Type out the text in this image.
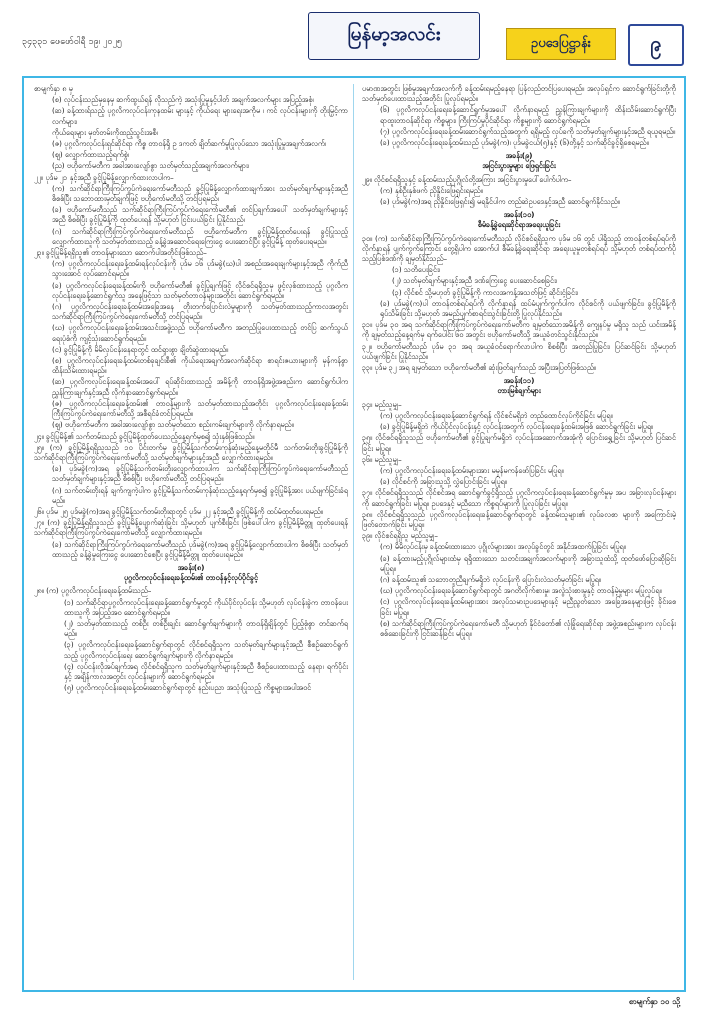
၃၄၃၃၁ ဖေဖော်ဝါရီ ၁၉၊ ၂၀၂၅	မြန်မာ့အလင်း	ဥပဒေပြဋ္ဌာန်း	၉
စာမျက်နှာ ၈ မှ
(စ) လုပ်ငန်းသည်မှနေမှ ဆက်ထွယ်ရန် လိုသည်ကဲ့ အသုံးပြုမှုနှင့်ပါတ် အချက်အလက်များ အပြည့်အစုံ၊
(ဆ) ခန့်ထားရ်သည့် ပုဂ္ဂလိကလုပ်ငန်းကုနထမ်း များနှင့် ကိုယ်ရေး များရေးအကိုမ ၊ ကင် လုပ်ငန်းများကို တိုးမြှင့်ကာလက်များ၊
ကိုယ်ရေးများ မှတ်တမ်းကိုထည့်သွင်းအစီ၊
(ဇ) ပုဂ္ဂလိကလုပ်ငန်းရှင်ဆိုင်ရာ ကိစ္စ တာဝန်ရှိ ဥ ဒကတ် ချိတ်ဆက်မှုပြုလုပ်သော အသုံးပြုမှုအချက်အလက်၊
(ဈ) လျှောက်ထားသည့်ရက်စွဲ၊
(ည) ဗဟိုကော်မတီက အခါအားလျော်စွာ သတ်မှတ်သည့်အချက်အလက်များ၊
၂၂။ ပုဒ်မ ၂၁ နှင့်အညီ ခွင့်ပြုမိန့်လျှောက်ထားလာပါက–
(က) သက်ဆိုင်ရာကြီးကြပ်ကွပ်ကဲရေးကော်မတီသည် ခွင့်ပြုမိန့်လျှောက်ထားချက်အား သတ်မှတ်ချက်များနှင့်အညီ စိစစ်ပြီး သဘောထားမှတ်ချက်ဖြင့် ဗဟိုကော်မတီသို့ တင်ပြရမည်၊
(ခ) ဗဟိုကော်မတီသည် သက်ဆိုင်ရာကြီးကြပ်ကွပ်ကဲရေးကော်မတီ၏ တင်ပြချက်အပေါ် သတ်မှတ်ချက်များနှင့်အညီ စိစစ်ပြီး ခွင့်ပြုမိန့်ကို ထုတ်ပေးရန် သို့မဟုတ် ငြင်းပယ်ခြင်း ပြုနိုင်သည်၊
(ဂ) သက်ဆိုင်ရာကြီးကြပ်ကွပ်ကဲရေးကော်မတီသည် ဗဟိုကော်မတီက ခွင့်ပြုမိန့်ထုတ်ပေးရန် ခွင့်ပြုသည့် လျှောက်ထားသူကို သတ်မှတ်ထားသည့် ခန့်ခွဲအဆောင်ရေးကြေးငွေ ပေးဆောင်ပြီး ခွင့်ပြုမိန့် ထုတ်ပေးရမည်။
၂၃။ ခွင့်ပြုမိန့်ရရှိသူ၏ တာဝန်များသော ဆောက်ပါအတိုင်းဖြစ်သည်–
(က) ပုဂ္ဂလိကလုပ်ငန်းရေးခန့်ထမ်းရန်လုပ်ငန်းကို ပုဒ်မ ၁၆ ပုဒ်မခွဲ(ဃ)ပါ အစည်းအရေးချက်များနှင့်အညီ ကိုက်ညီသွားအောင် လုပ်ဆောင်ရမည်။
(ခ) ပုဂ္ဂလိကလုပ်ငန်းရေးခန့်ထမ်းကို ဗဟိုကော်မတီ၏ ခွင့်ပြုချက်ဖြင့် လိုင်စင်ရရှိသူမှ ဖွင့်လှစ်ထားသည့် ပုဂ္ဂလိကလုပ်ငန်းရေးခန့်ဆောင်ရွက်သူ အနေဖြင့်သာ သတ်မှတ်တာဝန်များအတိုင်း ဆောင်ရွက်ရမည်။
(ဂ) ပုဂ္ဂလိကလုပ်ငန်းရေးခန့်ထမ်းအခြေအနေ တိုးတက်ပြောင်းလဲမှုများကို သတ်မှတ်ထားသည့်ကာလအတွင်း သက်ဆိုင်ရာကြီးကြပ်ကွပ်ကဲရေးကော်မတီသို့ တင်ပြရမည်။
(ဃ) ပုဂ္ဂလိကလုပ်ငန်းရေးခန့်ထမ်းအသင်းအဖွဲ့သည် ဗဟိုကော်မတီက အတည်ပြုပေးထားသည့် တင်ပြ ဆက်သွယ်ရေးပုံစံကို ကျင့်သုံးဆောင်ရွက်ရမည်။
(င) ခွင့်ပြုမိန့်ကို မိမိလုပ်ငန်းနေရာတွင် ထင်ရှားစွာ ချိတ်ဆွဲထားရမည်။
(စ) ပုဂ္ဂလိကလုပ်ငန်းရေးခန့်ထမ်းတစ်ခုချင်းစီ၏ ကိုယ်ရေးအချက်အလက်ဆိုင်ရာ စာရင်းဇယားများကို မှန်ကန်စွာ ထိန်းသိမ်းထားရမည်။
(ဆ) ပုဂ္ဂလိကလုပ်ငန်းရေးခန့်ထမ်းအပေါ် ရပ်ဆိုင်းထားသည့် အမိန့်ကို တာဝန်ရှိအဖွဲ့အစည်းက ဆောင်ရွက်ပါက ညွှန်ကြားချက်နှင့်အညီ လိုက်နာဆောင်ရွက်ရမည်။
(ဇ) ပုဂ္ဂလိကလုပ်ငန်းရေးခန့်ထမ်း၏ တာဝန်များကို သတ်မှတ်ထားသည့်အတိုင်း ပုဂ္ဂလိကလုပ်ငန်းရေးခန့်ထမ်းကြီးကြပ်ကွပ်ကဲရေးကော်မတီသို့ အစီရင်ခံတင်ပြရမည်။
(ဈ) ဗဟိုကော်မတီက အခါအားလျော်စွာ သတ်မှတ်သော စည်းကမ်းချက်များကို လိုက်နာရမည်။
၂၄။ ခွင့်ပြုမိန့်၏ သက်တမ်းသည် ခွင့်ပြုမိန့်ထုတ်ပေးသည့်နေ့ရက်မှစ၍ သုံးနှစ်ဖြစ်သည်။
၂၅။ (က) ခွင့်ပြုမိန့်ရရှိသူသည် ၁၀ ပိုင်းတက်မှ ခွင့်ပြုမိန့်သက်တမ်းကုန်ဆုံးမည့်နေ့မတိုင်မီ သက်တမ်းတိုးခွင့်ပြုမိန့်ကို သက်ဆိုင်ရာကြီးကြပ်ကွပ်ကဲရေးကော်မတီသို့ သတ်မှတ်ချက်များနှင့်အညီ လျှောက်ထားရမည်။
(ခ) ပုဒ်မခွဲ(က)အရ ခွင့်ပြုမိန့်သက်တမ်းတိုးလျှောက်ထားပါက သက်ဆိုင်ရာကြီးကြပ်ကွပ်ကဲရေးကော်မတီသည် သတ်မှတ်ချက်များနှင့်အညီ စိစစ်ပြီး ဗဟိုကော်မတီသို့ တင်ပြရမည်။
(ဂ) သက်တမ်းတိုးရန် ချက်ကျကဲ့ပါက ခွင့်ပြုမိန့်သက်တမ်းကုန်ဆုံးသည့်နေ့ရက်မှစ၍ ခွင့်ပြုမိန့်အား ပယ်ဖျက်ခြင်းခံရမည်။
၂၆။ ပုဒ်မ ၂၅ ပုဒ်မခွဲ(က)အရ ခွင့်ပြုမိန့်သက်တမ်းတိုးရာတွင် ပုဒ်မ ၂၂ နှင့်အညီ ခွင့်ပြုမိန့်ကို ထပ်မံထုတ်ပေးရမည်။
၂၇။ (က) ခွင့်ပြုမိန့်ရရှိသူသည် ခွင့်ပြုမိန့်ပျောက်ဆုံးခြင်း သို့မဟုတ် ပျက်စီးခြင်း ဖြစ်ပေါ်ပါက ခွင့်ပြုမိန့်မိတ္တူ ထုတ်ပေးရန် သက်ဆိုင်ရာကြီးကြပ်ကွပ်ကဲရေးကော်မတီသို့ လျှောက်ထားရမည်။
(ခ) သက်ဆိုင်ရာကြီးကြပ်ကွပ်ကဲရေးကော်မတီသည် ပုဒ်မခွဲ(က)အရ ခွင့်ပြုမိန့်လျှောက်ထားပါက စိစစ်ပြီး သတ်မှတ်ထားသည့် ခန့်ခွဲမှုကြေးငွေ ပေးဆောင်စေပြီး ခွင့်ပြုမိန့်မိတ္တူ ထုတ်ပေးရမည်။
အခန်း(၈)
ပုဂ္ဂလိကလုပ်ငန်းရေးခန့်ထမ်း၏ တာဝန်နှင့်လုပ်ပိုင်ခွင့်
၂၈။ (က) ပုဂ္ဂလိကလုပ်ငန်းရေးခန့်ထမ်းသည်–
(၁) သက်ဆိုင်ရာပုဂ္ဂလိကလုပ်ငန်းရေးခန့်ဆောင်ရွက်မှုတွင် ကိုယ်ပိုင်လုပ်ငန်း သို့မဟုတ် လုပ်ငန်းခွဲက တာဝန်ပေးထားသူကို အပြည့်အဝ ဆောင်ရွက်ရမည်။
(၂) သတ်မှတ်ထားသည့် တစ်ဦး တစ်ဦးချင်း ဆောင်ရွက်ချက်များကို တာဝန်ရှိချိန်တွင် ပြည့်စုံစွာ တင်ဆက်ရမည်။
(၃) ပုဂ္ဂလိကလုပ်ငန်းရေးခန့်ဆောင်ရွက်ရာတွင် လိုင်စင်ရရှိသူက သတ်မှတ်ချက်များနှင့်အညီ စီစဉ်ဆောင်ရွက်သည့် ပုဂ္ဂလိကလုပ်ငန်းရေး ဆောင်ရွက်ချက်များကို လိုက်နာရမည်။
(၄) လုပ်ငန်းလိုအပ်ချက်အရ လိုင်စင်ရရှိသူက သတ်မှတ်ချက်များနှင့်အညီ စီစဉ်ပေးထားသည့် နေရာ၊ ရက်ပိုင်းနှင့် အချိန်ကာလအတွင်း လုပ်ငန်းများကို ဆောင်ရွက်ရမည်။
(၅) ပုဂ္ဂလိကလုပ်ငန်းရေးခန့်ထမ်းဆောင်ရွက်ရာတွင် နည်းပညာ အသုံးပြုသည့် ကိစ္စများအပါအဝင်
ပမာဏအတွင်း ဖြစ်မှုအချက်အလက်ကို ခန့်ထမ်းရမည့်နေရာ ပြန်လည်တင်ပြပေးရမည်။ အလုပ်ရှင်က ဆောင်ရွက်ခြင်းတို့ကို သတ်မှတ်ပေးထားသည့်အတိုင်း ပြုလုပ်ရမည်။
(၆) ပုဂ္ဂလိကလုပ်ငန်းရေးခန့်ဆောင်ရွက်မှုအပေါ် လိုက်နာရမည့် ညွှန်ကြားချက်များကို ထိန်းသိမ်းဆောင်ရွက်ပြီး ရာထူးတာဝန်ဆိုင်ရာ ကိစ္စများ၊ ကြီးကြပ်မှုပိုင်ဆိုင်ရာ ကိစ္စများကို ဆောင်ရွက်ရမည်။
(၇) ပုဂ္ဂလိကလုပ်ငန်းရေးခန့်ထမ်းဆောင်ရွက်သည့်အတွက် ရရှိမည့် လုပ်ခကို သတ်မှတ်ချက်များနှင့်အညီ ရယူရမည်။
(ခ) ပုဂ္ဂလိကလုပ်ငန်းရေးခန့်ထမ်းသည် ပုဒ်မခွဲ(က)၊ ပုဒ်မခွဲငယ်(၅)နှင့် (၆)တို့နှင့် သက်ဆိုင်ခွင့်ရှိစေရမည်။
အခန်း(၉)
အငြင်းပွားမှုများ ဖြေရှင်းခြင်း
၂၉။ လိုင်စင်ရရှိသူနှင့် ခန့်ထမ်းသည့်ပုဂ္ဂိုလ်တို့အကြား အငြင်းပွားမှုပေါ်ပေါက်ပါက–
(က) နှစ်ဦးနှစ်ဖက် ညှိနှိုင်းဖြေရှင်းရမည်။
(ခ) ပုဒ်မခွဲ(က)အရ ညှိနှိုင်းဖြေရှင်း၍ မရနိုင်ပါက တည်ဆဲဥပဒေနှင့်အညီ ဆောင်ရွက်နိုင်သည်။
အခန်း(၁၀)
စီမံခန့်ခွဲရေးဆိုင်ရာအရေးယူခြင်း
၃၀။ (က) သက်ဆိုင်ရာကြီးကြပ်ကွပ်ကဲရေးကော်မတီသည် လိုင်စင်ရရှိသူက ပုဒ်မ ၁၆ တွင် ပါရှိသည့် တာဝန်တစ်ရပ်ရပ်ကို လိုက်နာရန် ပျက်ကွက်ကြောင်း တွေ့ရှိပါက အောက်ပါ စီမံခန့်ခွဲရေးဆိုင်ရာ အရေးယူမှုတစ်ရပ်ရပ် သို့မဟုတ် တစ်ရပ်ထက်ပိုသည့်ပြစ်ဒဏ်ကို ချမှတ်နိုင်သည်–
(၁) သတိပေးခြင်း၊
(၂) သတ်မှတ်ချက်များနှင့်အညီ ဒဏ်ကြေးငွေ ပေးဆောင်စေခြင်း၊
(၃) လိုင်စင် သို့မဟုတ် ခွင့်ပြုမိန့်ကို ကာလအကန့်အသတ်ဖြင့် ဆိုင်းငံ့ခြင်း၊
(ခ) ပုဒ်မခွဲ(က)ပါ တာဝန်တစ်ရပ်ရပ်ကို လိုက်နာရန် ထပ်မံပျက်ကွက်ပါက လိုင်စင်ကို ပယ်ဖျက်ခြင်း၊ ခွင့်ပြုမိန့်ကို ရုပ်သိမ်းခြင်း သို့မဟုတ် အမည်ပျက်စာရင်းသွင်းခြင်းတို့ ပြုလုပ်နိုင်သည်။
၃၁။ ပုဒ်မ ၃၀ အရ သက်ဆိုင်ရာကြီးကြပ်ကွပ်ကဲရေးကော်မတီက ချမှတ်သောအမိန့်ကို ကျေနပ်မှု မရှိသူ သည် ယင်းအမိန့်ကို ချမှတ်သည့်နေ့ရက်မှ ရက်ပေါင်း ၆၀ အတွင်း ဗဟိုကော်မတီသို့ အယူခံတင်သွင်းနိုင်သည်။
၃၂။ ဗဟိုကော်မတီသည် ပုဒ်မ ၃၁ အရ အယူခံဝင်ရောက်လာပါက စိစစ်ပြီး အတည်ပြုခြင်း၊ ပြင်ဆင်ခြင်း သို့မဟုတ် ပယ်ဖျက်ခြင်း ပြုနိုင်သည်။
၃၃။ ပုဒ်မ ၃၂ အရ ချမှတ်သော ဗဟိုကော်မတီ၏ ဆုံးဖြတ်ချက်သည် အပြီးအပြတ်ဖြစ်သည်။
အခန်း(၁၁)
တားမြစ်ချက်များ
၃၄။ မည်သူမျှ–
(က) ပုဂ္ဂလိကလုပ်ငန်းရေးခန့်ဆောင်ရွက်ရန် လိုင်စင်မရှိဘဲ တည်ထောင်လုပ်ကိုင်ခြင်း မပြုရ။
(ခ) ခွင့်ပြုမိန့်မရှိဘဲ ကိုယ်ပိုင်လုပ်ငန်းနှင့် လုပ်ငန်းအတွက် လုပ်ငန်းရေးခန့်ထမ်းအဖြစ် ဆောင်ရွက်ခြင်း မပြုရ။
၃၅။ လိုင်စင်ရရှိသူသည် ဗဟိုကော်မတီ၏ ခွင့်ပြုချက်မရှိဘဲ လုပ်ငန်းအဆောက်အအုံကို ပြောင်းရွှေ့ခြင်း သို့မဟုတ် ပြင်ဆင်ခြင်း မပြုရ။
၃၆။ မည်သူမျှ–
(က) ပုဂ္ဂလိကလုပ်ငန်းရေးခန့်ထမ်းများအား မမှန်မကန်ဖော်ပြခြင်း မပြုရ။
(ခ) လိုင်စင်ကို အခြားသူသို့ လွှဲပြောင်းခြင်း မပြုရ။
၃၇။ လိုင်စင်ရရှိသူသည် လိုင်စင်အရ ဆောင်ရွက်ခွင့်ရှိသည့် ပုဂ္ဂလိကလုပ်ငန်းရေးခန့်ဆောင်ရွက်မှုမှ အပ အခြားလုပ်ငန်းများကို ဆောင်ရွက်ခြင်း မပြုရ။ ဥပဒေနှင့် မညီသော ကိစ္စရပ်များကို ပြုလုပ်ခြင်း မပြုရ။
၃၈။ လိုင်စင်ရရှိသူသည် ပုဂ္ဂလိကလုပ်ငန်းရေးခန့်ဆောင်ရွက်ရာတွင် ခန့်ထမ်းသူများ၏ လုပ်ခလစာ များကို အကြောင်းမဲ့ ဖြတ်တောက်ခြင်း မပြုရ။
၃၉။ လိုင်စင်ရရှိသူ မည်သူမျှ–
(က) မိမိလုပ်ငန်းမှ ခန့်ထမ်းထားသော ပုဂ္ဂိုလ်များအား အလုပ်ခွင်တွင် အနိုင်အထက်ပြုခြင်း မပြုရ။
(ခ) ခန့်ထားမည့်ပုဂ္ဂိုလ်များထံမှ ရရှိထားသော သတင်းအချက်အလက်များကို အခြားသူထံသို့ ထုတ်ဖော်ပြောဆိုခြင်း မပြုရ။
(ဂ) ခန့်ထမ်းသူ၏ သဘောတူညီချက်မရှိဘဲ လုပ်ငန်းကို ပြောင်းလဲသတ်မှတ်ခြင်း မပြုရ။
(ဃ) ပုဂ္ဂလိကလုပ်ငန်းရေးခန့်ဆောင်ရွက်ရာတွင် အဂတိလိုက်စားမှု၊ အလွဲသုံးစားမှုနှင့် တာဝန်မဲ့မှုများ မပြုလုပ်ရ။
(င) ပုဂ္ဂလိကလုပ်ငန်းရေးခန့်ထမ်းများအား အလုပ်သမားဥပဒေများနှင့် မညီညွတ်သော အခြေအနေများဖြင့် ခိုင်းစေခြင်း မပြုရ။
(စ) သက်ဆိုင်ရာကြီးကြပ်ကွပ်ကဲရေးကော်မတီ သို့မဟုတ် နိုင်ငံတော်၏ လုံခြုံရေးဆိုင်ရာ အဖွဲ့အစည်းများက လုပ်ငန်းစစ်ဆေးခြင်းကို ငြင်းဆန်ခြင်း မပြုရ။
စာမျက်နှာ ၁၀ သို့
